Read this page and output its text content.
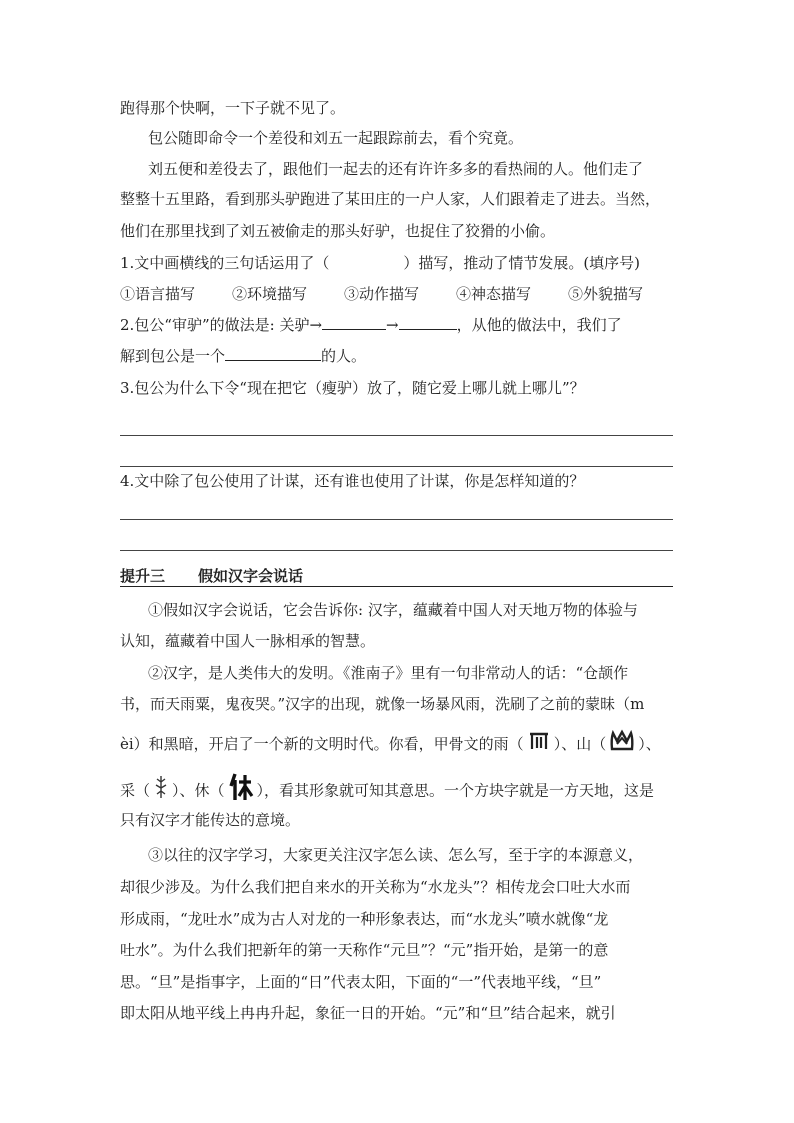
跑得那个快啊，一下子就不见了。
包公随即命令一个差役和刘五一起跟踪前去，看个究竟。
刘五便和差役去了，跟他们一起去的还有许许多多的看热闹的人。他们走了
整整十五里路，看到那头驴跑进了某田庄的一户人家，人们跟着走了进去。当然，
他们在那里找到了刘五被偷走的那头好驴，也捉住了狡猾的小偷。
1.文中画横线的三句话运用了（	）描写，推动了情节发展。(填序号)
①语言描写 ②环境描写 ③动作描写 ④神态描写 ⑤外貌描写
2.包公“审驴”的做法是: 关驴→	→	，从他的做法中，我们了
解到包公是一个	的人。
3.包公为什么下令“现在把它（瘦驴）放了，随它爱上哪儿就上哪儿”？
4.文中除了包公使用了计谋，还有谁也使用了计谋，你是怎样知道的？
提升三 假如汉字会说话
①假如汉字会说话，它会告诉你: 汉字，蕴藏着中国人对天地万物的体验与
认知，蕴藏着中国人一脉相承的智慧。
②汉字，是人类伟大的发明。《淮南子》里有一句非常动人的话：“仓颉作
书，而天雨粟，鬼夜哭。”汉字的出现，就像一场暴风雨，洗刷了之前的蒙昧（m
èi）和黑暗，开启了一个新的文明时代。你看，甲骨文的雨（ ）、山（ ）、
采（ ）、休（ ），看其形象就可知其意思。一个方块字就是一方天地，这是
只有汉字才能传达的意境。
③以往的汉字学习，大家更关注汉字怎么读、怎么写，至于字的本源意义，
却很少涉及。为什么我们把自来水的开关称为“水龙头”？相传龙会口吐大水而
形成雨，“龙吐水”成为古人对龙的一种形象表达，而“水龙头”喷水就像“龙
吐水”。为什么我们把新年的第一天称作“元旦”？“元”指开始，是第一的意
思。“旦”是指事字，上面的“日”代表太阳，下面的“一”代表地平线，“旦”
即太阳从地平线上冉冉升起，象征一日的开始。“元”和“旦”结合起来，就引
